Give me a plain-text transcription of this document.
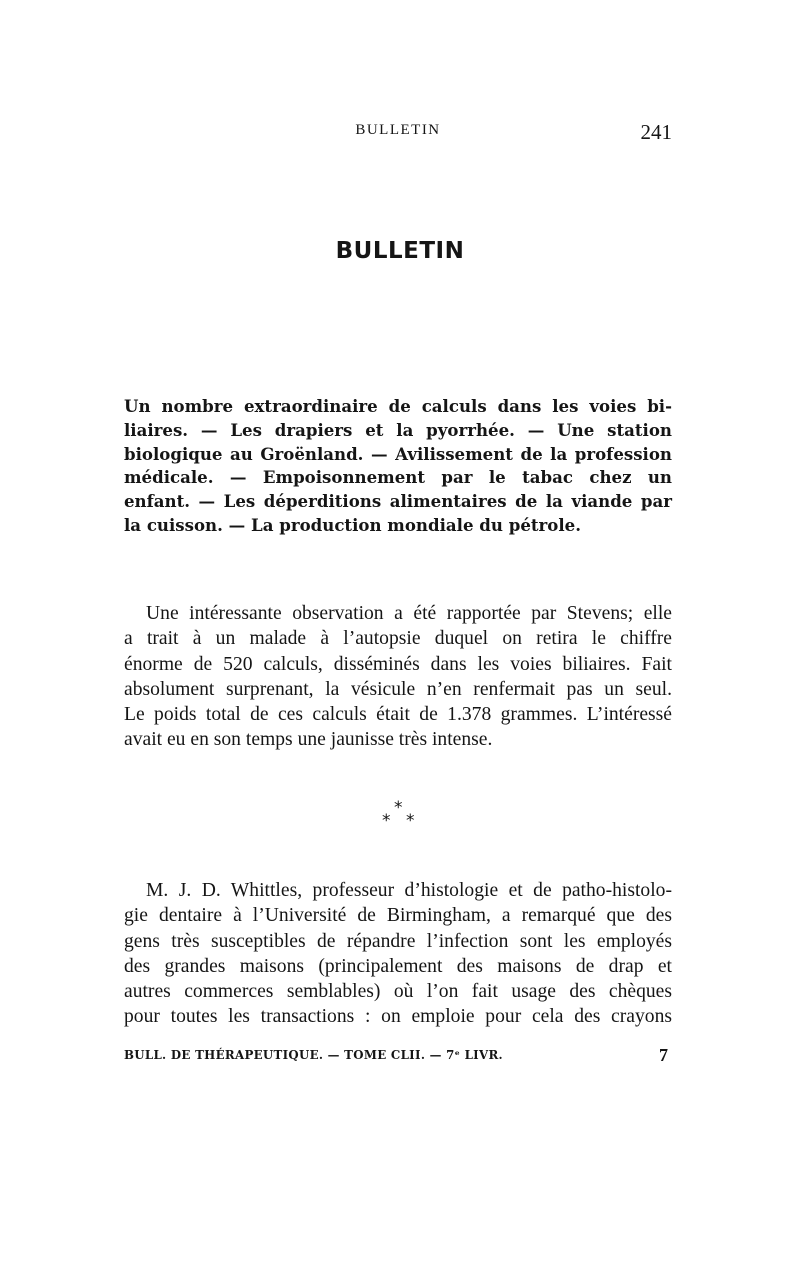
BULLETIN	241
BULLETIN
Un nombre extraordinaire de calculs dans les voies bi-
liaires. — Les drapiers et la pyorrhée. — Une station
biologique au Groënland. — Avilissement de la profession
médicale. — Empoisonnement par le tabac chez un
enfant. — Les déperditions alimentaires de la viande par
la cuisson. — La production mondiale du pétrole.
Une intéressante observation a été rapportée par Stevens; elle
a trait à un malade à l’autopsie duquel on retira le chiffre
énorme de 520 calculs, disséminés dans les voies biliaires. Fait
absolument surprenant, la vésicule n’en renfermait pas un seul.
Le poids total de ces calculs était de 1.378 grammes. L’intéressé
avait eu en son temps une jaunisse très intense.
*
* *
M. J. D. Whittles, professeur d’histologie et de patho-histolo-
gie dentaire à l’Université de Birmingham, a remarqué que des
gens très susceptibles de répandre l’infection sont les employés
des grandes maisons (principalement des maisons de drap et
autres commerces semblables) où l’on fait usage des chèques
pour toutes les transactions : on emploie pour cela des crayons
BULL. DE THÉRAPEUTIQUE. — TOME CLII. — 7ᵉ LIVR.	7
